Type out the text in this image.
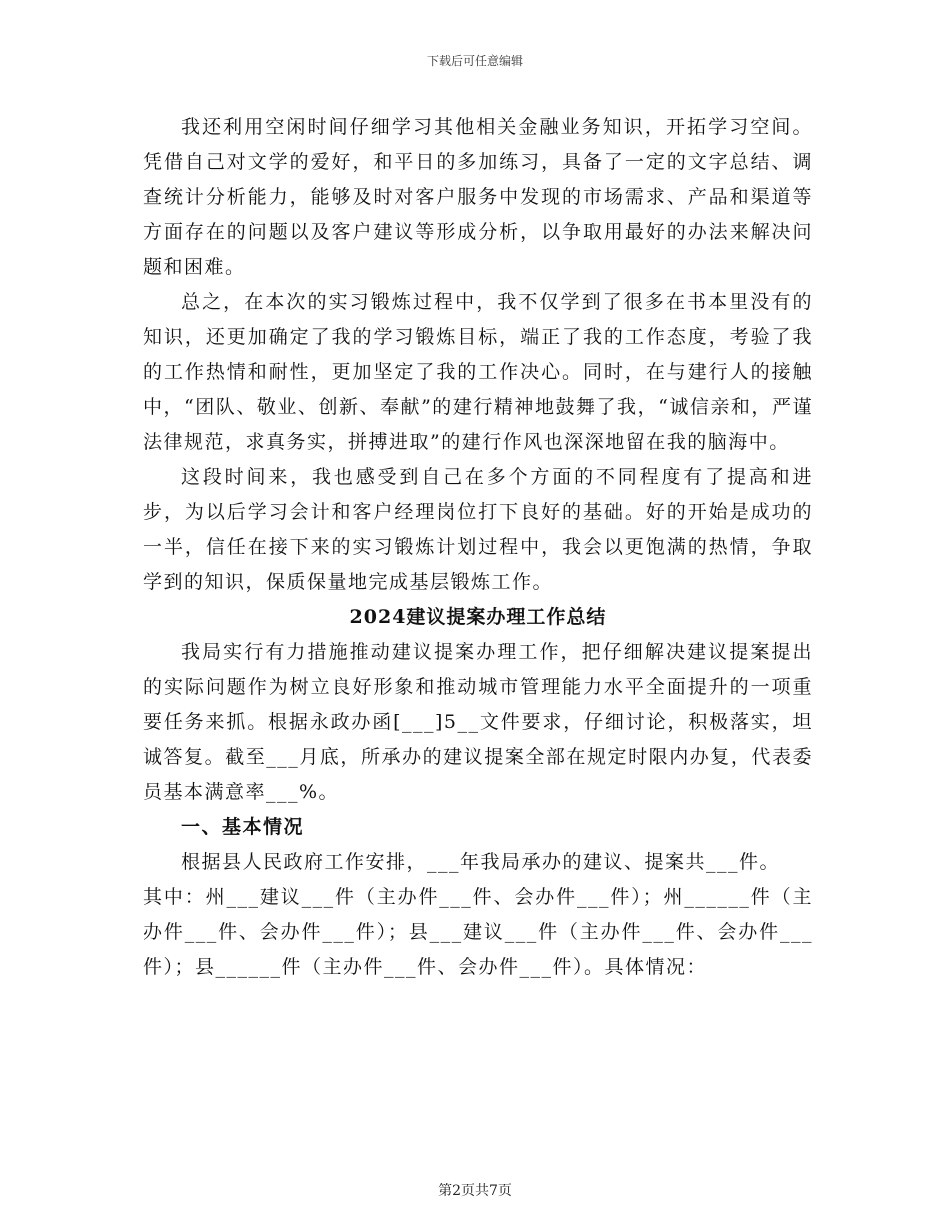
下载后可任意编辑

我还利用空闲时间仔细学习其他相关金融业务知识，开拓学习空间。凭借自己对文学的爱好，和平日的多加练习，具备了一定的文字总结、调查统计分析能力，能够及时对客户服务中发现的市场需求、产品和渠道等方面存在的问题以及客户建议等形成分析，以争取用最好的办法来解决问题和困难。

总之，在本次的实习锻炼过程中，我不仅学到了很多在书本里没有的知识，还更加确定了我的学习锻炼目标，端正了我的工作态度，考验了我的工作热情和耐性，更加坚定了我的工作决心。同时，在与建行人的接触中，“团队、敬业、创新、奉献”的建行精神地鼓舞了我，“诚信亲和，严谨法律规范，求真务实，拼搏进取”的建行作风也深深地留在我的脑海中。

这段时间来，我也感受到自己在多个方面的不同程度有了提高和进步，为以后学习会计和客户经理岗位打下良好的基础。好的开始是成功的一半，信任在接下来的实习锻炼计划过程中，我会以更饱满的热情，争取学到的知识，保质保量地完成基层锻炼工作。

2024建议提案办理工作总结

我局实行有力措施推动建议提案办理工作，把仔细解决建议提案提出的实际问题作为树立良好形象和推动城市管理能力水平全面提升的一项重要任务来抓。根据永政办函[___]5__文件要求，仔细讨论，积极落实，坦诚答复。截至___月底，所承办的建议提案全部在规定时限内办复，代表委员基本满意率___%。

一、基本情况

根据县人民政府工作安排，___年我局承办的建议、提案共___件。

其中：州___建议___件（主办件___件、会办件___件）；州______件（主办件___件、会办件___件）；县___建议___件（主办件___件、会办件___件）；县______件（主办件___件、会办件___件）。具体情况：

第2页共7页
